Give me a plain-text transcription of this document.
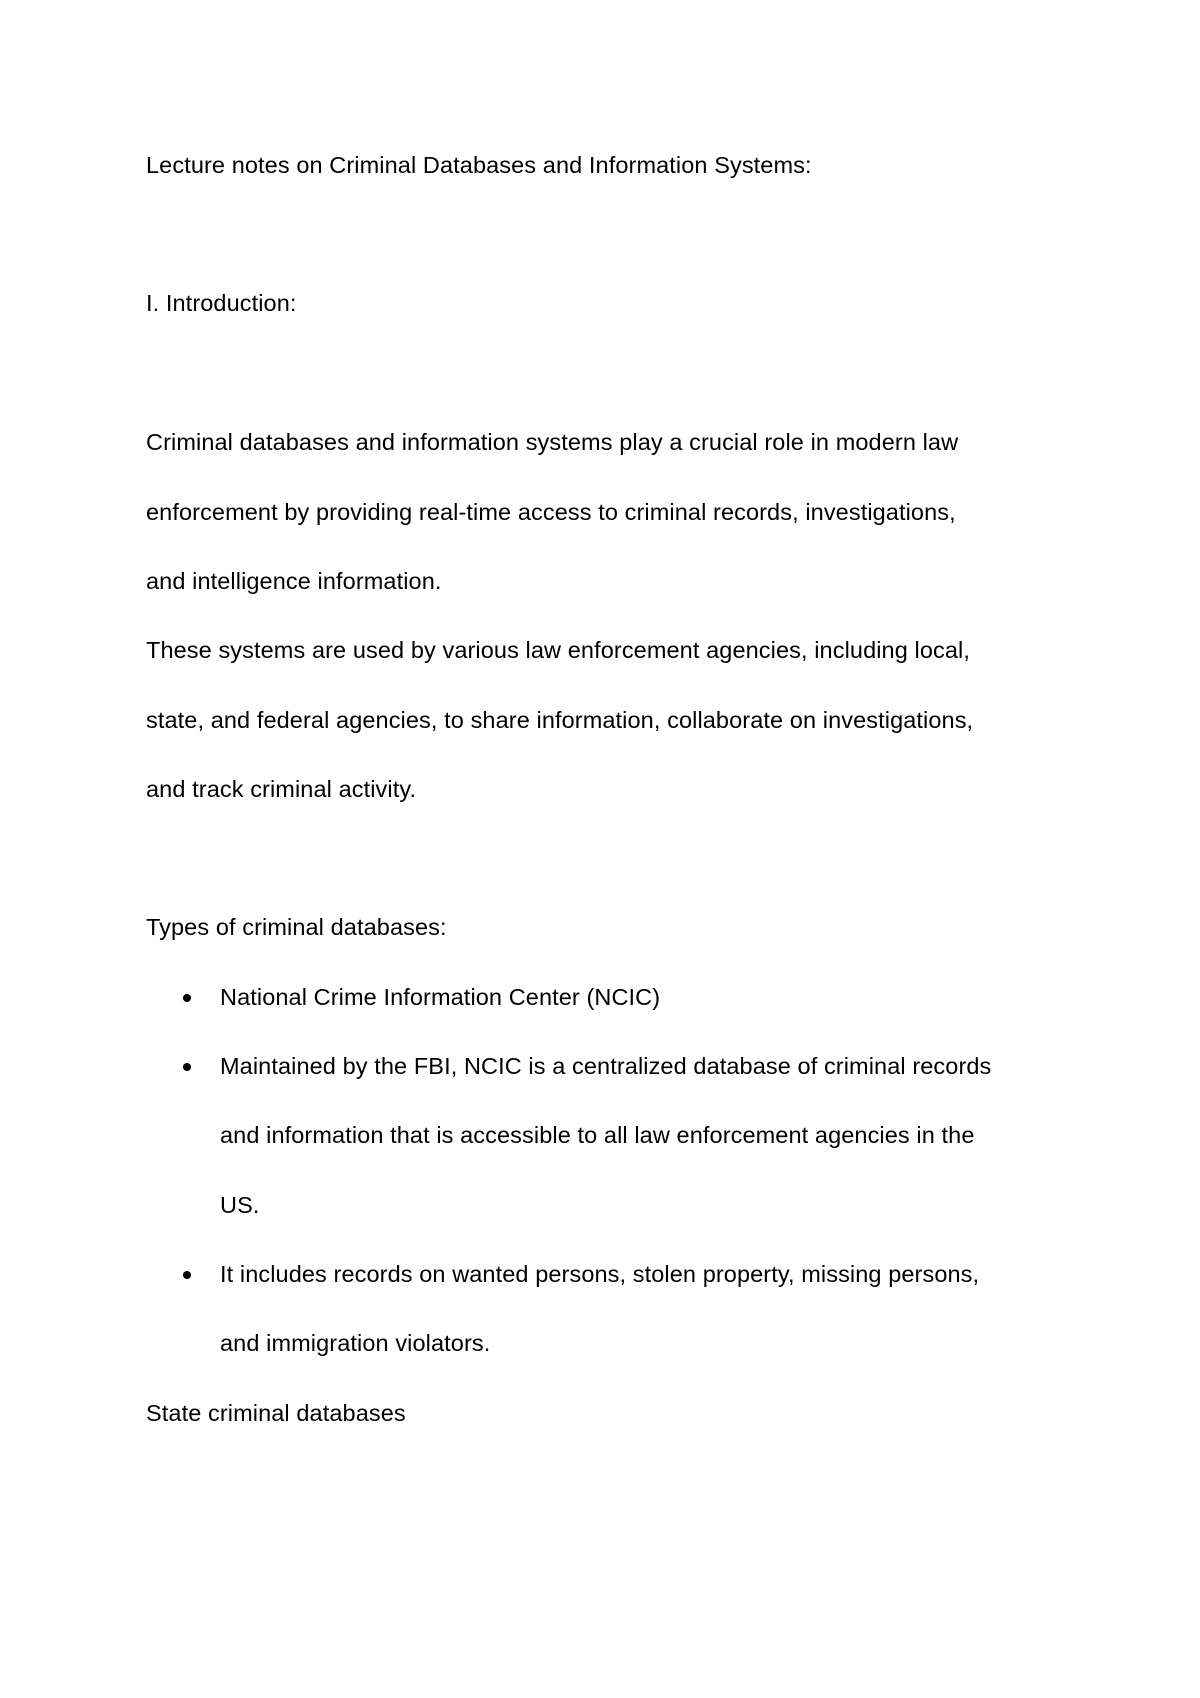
Lecture notes on Criminal Databases and Information Systems:
I. Introduction:
Criminal databases and information systems play a crucial role in modern law
enforcement by providing real-time access to criminal records, investigations,
and intelligence information.
These systems are used by various law enforcement agencies, including local,
state, and federal agencies, to share information, collaborate on investigations,
and track criminal activity.
Types of criminal databases:
National Crime Information Center (NCIC)
Maintained by the FBI, NCIC is a centralized database of criminal records
and information that is accessible to all law enforcement agencies in the
US.
It includes records on wanted persons, stolen property, missing persons,
and immigration violators.
State criminal databases
